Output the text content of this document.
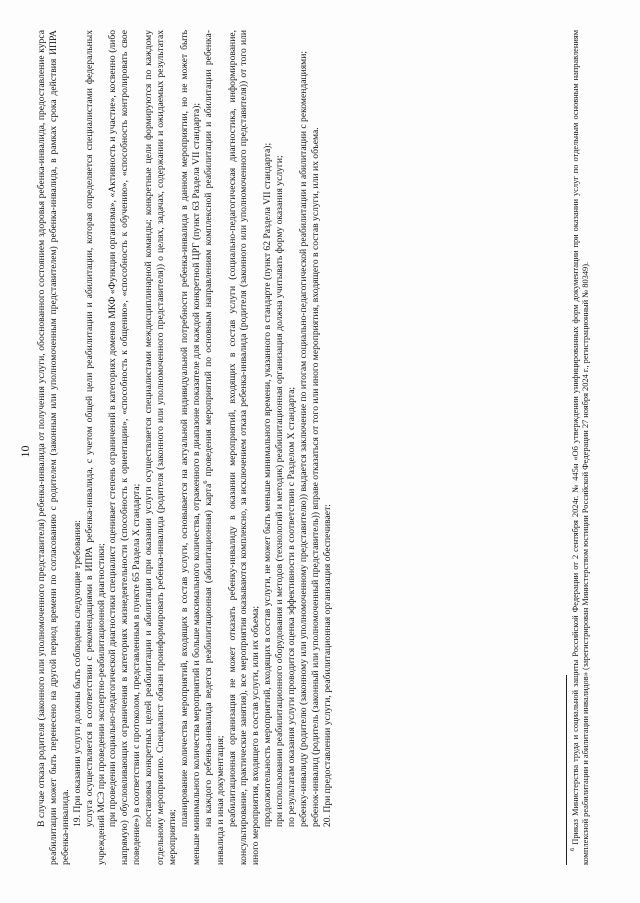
10 В случае отказа родителя (законного или уполномоченного представителя) ребенка-инвалида от получения услуги, обоснованного состоянием здоровья ребенка-инвалида, предоставление курса реабилитации может быть перенесено на другой период времени по согласованию с родителем (законным или уполномоченным представителем) ребенка-инвалида, в рамках срока действия ИПРА ребенка-инвалида.

19. При оказании услуги должны быть соблюдены следующие требования: услуга осуществляется в соответствии с рекомендациями в ИПРА ребенка-инвалида, с учетом общей цели реабилитации и абилитации, которая определяется специалистами федеральных учреждений МСЭ при проведении экспертно-реабилитационной диагностики; при проведении социально-педагогической диагностики специалист оценивает степень ограничений в категориях доменов МКФ «Функции организма», «Активность и участие», косвенно (либо напрямую) обусловливающих ограничения в категориях жизнедеятельности (способность к ориентации», «способность к общению», «способность к обучению», «способность контролировать свое поведение») в соответствии с протоколом, представленным в пункте 65 Раздела X стандарта; постановка конкретных целей реабилитации и абилитации при оказании услуги осуществляется специалистами междисциплинарной команды; конкретные цели формируются по каждому отдельному мероприятию. Специалист обязан проинформировать ребенка-инвалида (родителя (законного или уполномоченного представителя)) о целях, задачах, содержании и ожидаемых результатах мероприятия;

планирование количества мероприятий, входящих в состав услуги, основывается на актуальной индивидуальной потребности ребенка-инвалида в данном мероприятии, но не может быть меньше минимального количества мероприятий и больше максимального количества, отраженного в диапазоне показателе для каждой конкретной ЦРГ (пункт 63 Раздела VII стандарта); на каждого ребенка-инвалида ведется реабилитационная (абилитационная) карта$^6$ проведения мероприятий по основным направлениям комплексной реабилитации и абилитации ребенка-инвалида и иная документация; реабилитационная организация не может отказать ребенку-инвалиду в оказании мероприятий, входящих в состав услуги (социально-педагогическая диагностика, информирование, консультирование, практические занятия), все мероприятия оказываются комплексно, за исключением отказа ребенка-инвалида (родителя (законного или уполномоченного представителя)) от того или иного мероприятия, входящего в состав услуги, или их объема; продолжительность мероприятий, входящих в состав услуги, не может быть меньше минимального времени, указанного в стандарте (пункт 62 Раздела VII стандарта); при использовании реабилитационного оборудования и методов (технологий и методик) реабилитационная организация должна учитывать форму оказания услуги; по результатам оказания услуги проводится оценка эффективности в соответствии с Разделом X стандарта; ребенку-инвалиду (родителю (законному или уполномоченному представителю)) выдается заключение по итогам социально-педагогической реабилитации и абилитации с рекомендациями; ребенок-инвалид (родитель (законный или уполномоченный представитель)) вправе отказаться от того или иного мероприятия, входящего в состав услуги, или их объема. 20. При предоставлении услуги, реабилитационная организация обеспечивает:

$^6$ Приказ Министерства труда и социальной защиты Российской Федерации от 2 сентября 2024г. № 445н «Об утверждении унифицированных форм документации при оказании услуг по отдельным основным направлениям комплексной реабилитации и абилитации инвалидов» (зарегистрирован Министерством юстиции Российской Федерации 27 ноября 2024 г., регистрационный № 80349).
